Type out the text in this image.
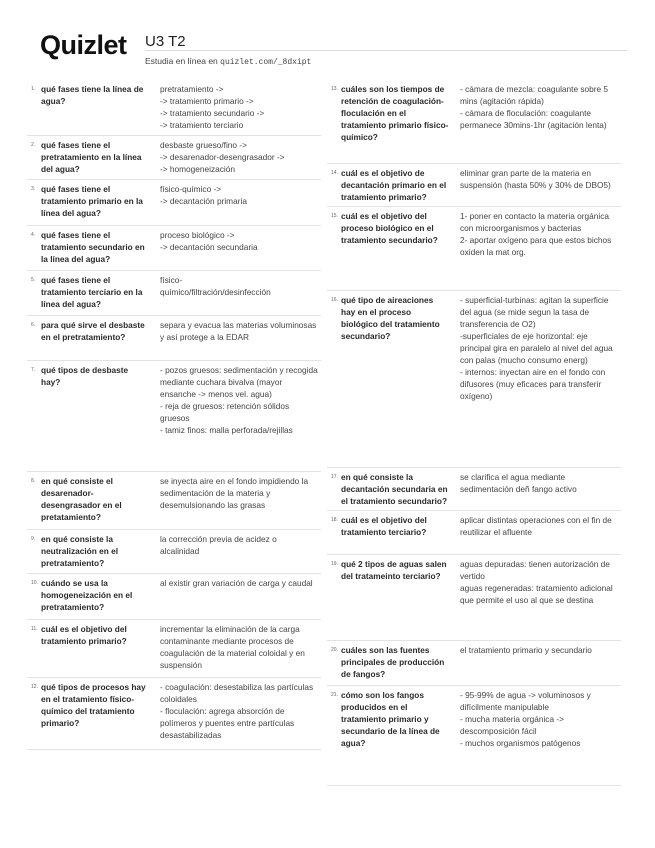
Quizlet U3 T2
Estudia en línea en quizlet.com/_8dxipt
1. qué fases tiene la línea de agua?
pretratamiento ->
-> tratamiento primario ->
-> tratamiento secundario ->
-> tratamiento terciario
2. qué fases tiene el pretratamiento en la línea del agua?
desbaste grueso/fino ->
-> desarenador-desengrasador ->
-> homogeneización
3. qué fases tiene el tratamiento primario en la línea del agua?
físico-químico ->
-> decantación primaria
4. qué fases tiene el tratamiento secundario en la línea del agua?
proceso biológico ->
-> decantación secundaria
5. qué fases tiene el tratamiento terciario en la línea del agua?
físico-
químico/filtración/desinfección
6. para qué sirve el desbaste en el pretratamiento?
separa y evacua las materias voluminosas y así protege a la EDAR
7. qué tipos de desbaste hay?
- pozos gruesos: sedimentación y recogida mediante cuchara bivalva (mayor ensanche -> menos vel. agua)
- reja de gruesos: retención sólidos gruesos
- tamiz finos: malla perforada/rejillas
8. en qué consiste el desarenador-desengrasador en el pretatamiento?
se inyecta aire en el fondo impidiendo la sedimentación de la materia y desemulsionando las grasas
9. en qué consiste la neutralización en el pretratamiento?
la corrección previa de acidez o alcalinidad
10. cuándo se usa la homogeneización en el pretratamiento?
al existir gran variación de carga y caudal
11. cuál es el objetivo del tratamiento primario?
incrementar la eliminación de la carga contaminante mediante procesos de coagulación de la material coloidal y en suspensión
12. qué tipos de procesos hay en el tratamiento físico-químico del tratamiento primario?
- coagulación: desestabiliza las partículas coloidales
- floculación: agrega absorción de polímeros y puentes entre partículas desastabilizadas
13. cuáles son los tiempos de retención de coagulación-floculación en el tratamiento primario físico-químico?
- cámara de mezcla: coagulante sobre 5 mins (agitación rápida)
- cámara de floculación: coagulante permanece 30mins-1hr (agitación lenta)
14. cuál es el objetivo de decantación primario en el tratamiento primario?
eliminar gran parte de la materia en suspensión (hasta 50% y 30% de DBO5)
15. cuál es el objetivo del proceso biológico en el tratamiento secundario?
1- poner en contacto la materia orgánica con microorganismos y bacterias
2- aportar oxígeno para que estos bichos oxiden la mat org.
16. qué tipo de aireaciones hay en el proceso biológico del tratamiento secundario?
- superficial-turbinas: agitan la superficie del agua (se mide segun la tasa de transferencia de O2)
-superficiales de eje horizontal: eje principal gira en paralelo al nivel del agua con palas (mucho consumo energ)
- internos: inyectan aire en el fondo con difusores (muy eficaces para transferir oxígeno)
17. en qué consiste la decantación secundaria en el tratamiento secundario?
se clarifica el agua mediante sedimentación deñ fango activo
18. cuál es el objetivo del tratamiento terciario?
aplicar distintas operaciones con el fin de reutilizar el afluente
19. qué 2 tipos de aguas salen del tratameinto terciario?
aguas depuradas: tienen autorización de vertido
aguas regeneradas: tratamiento adicional que permite el uso al que se destina
20. cuáles son las fuentes principales de producción de fangos?
el tratamiento primario y secundario
21. cómo son los fangos producidos en el tratamiento primario y secundario de la línea de agua?
- 95-99% de agua -> voluminosos y difícilmente manipulable
- mucha materia orgánica -> descomposición fácil
- muchos organismos patógenos
